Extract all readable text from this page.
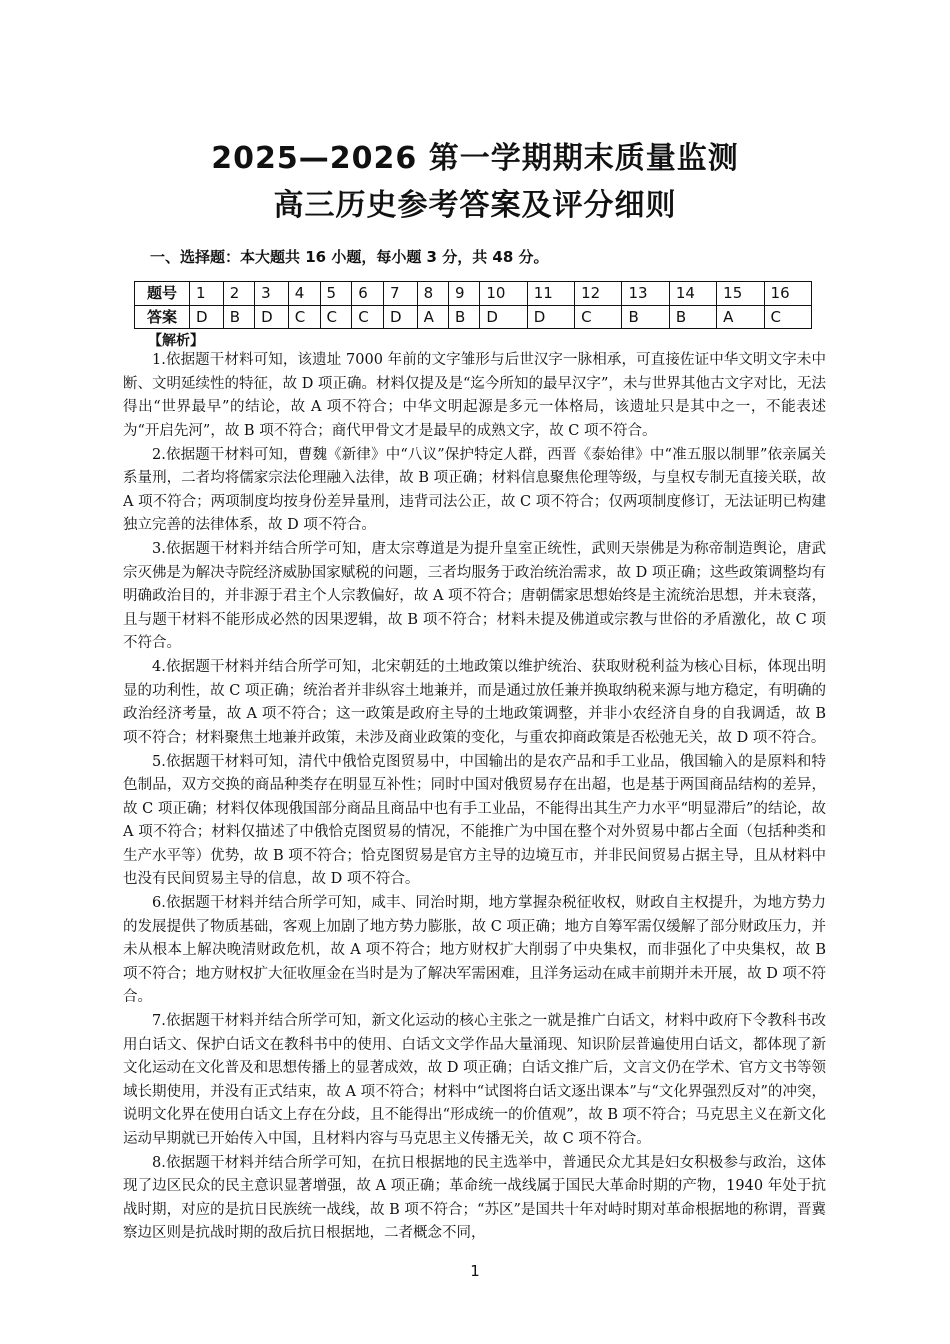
2025—2026 第一学期期末质量监测
高三历史参考答案及评分细则
一、选择题：本大题共 16 小题，每小题 3 分，共 48 分。
题号	1	2	3	4	5	6	7	8	9	10	11	12	13	14	15	16
答案	D	B	D	C	C	C	D	A	B	D	D	C	B	B	A	C
【解析】

1.依据题干材料可知，该遗址 7000 年前的文字雏形与后世汉字一脉相承，可直接佐证中华文明文字未中断、文明延续性的特征，故 D 项正确。材料仅提及是“迄今所知的最早汉字”，未与世界其他古文字对比，无法得出“世界最早”的结论，故 A 项不符合；中华文明起源是多元一体格局，该遗址只是其中之一，不能表述为“开启先河”，故 B 项不符合；商代甲骨文才是最早的成熟文字，故 C 项不符合。

2.依据题干材料可知，曹魏《新律》中“八议”保护特定人群，西晋《泰始律》中“准五服以制罪”依亲属关系量刑，二者均将儒家宗法伦理融入法律，故 B 项正确；材料信息聚焦伦理等级，与皇权专制无直接关联，故 A 项不符合；两项制度均按身份差异量刑，违背司法公正，故 C 项不符合；仅两项制度修订，无法证明已构建独立完善的法律体系，故 D 项不符合。

3.依据题干材料并结合所学可知，唐太宗尊道是为提升皇室正统性，武则天崇佛是为称帝制造舆论，唐武宗灭佛是为解决寺院经济威胁国家赋税的问题，三者均服务于政治统治需求，故 D 项正确；这些政策调整均有明确政治目的，并非源于君主个人宗教偏好，故 A 项不符合；唐朝儒家思想始终是主流统治思想，并未衰落，且与题干材料不能形成必然的因果逻辑，故 B 项不符合；材料未提及佛道或宗教与世俗的矛盾激化，故 C 项不符合。

4.依据题干材料并结合所学可知，北宋朝廷的土地政策以维护统治、获取财税利益为核心目标，体现出明显的功利性，故 C 项正确；统治者并非纵容土地兼并，而是通过放任兼并换取纳税来源与地方稳定，有明确的政治经济考量，故 A 项不符合；这一政策是政府主导的土地政策调整，并非小农经济自身的自我调适，故 B 项不符合；材料聚焦土地兼并政策，未涉及商业政策的变化，与重农抑商政策是否松弛无关，故 D 项不符合。

5.依据题干材料可知，清代中俄恰克图贸易中，中国输出的是农产品和手工业品，俄国输入的是原料和特色制品，双方交换的商品种类存在明显互补性；同时中国对俄贸易存在出超，也是基于两国商品结构的差异，故 C 项正确；材料仅体现俄国部分商品且商品中也有手工业品，不能得出其生产力水平“明显滞后”的结论，故 A 项不符合；材料仅描述了中俄恰克图贸易的情况，不能推广为中国在整个对外贸易中都占全面（包括种类和生产水平等）优势，故 B 项不符合；恰克图贸易是官方主导的边境互市，并非民间贸易占据主导，且从材料中也没有民间贸易主导的信息，故 D 项不符合。

6.依据题干材料并结合所学可知，咸丰、同治时期，地方掌握杂税征收权，财政自主权提升，为地方势力的发展提供了物质基础，客观上加剧了地方势力膨胀，故 C 项正确；地方自筹军需仅缓解了部分财政压力，并未从根本上解决晚清财政危机，故 A 项不符合；地方财权扩大削弱了中央集权，而非强化了中央集权，故 B 项不符合；地方财权扩大征收厘金在当时是为了解决军需困难，且洋务运动在咸丰前期并未开展，故 D 项不符合。

7.依据题干材料并结合所学可知，新文化运动的核心主张之一就是推广白话文，材料中政府下令教科书改用白话文、保护白话文在教科书中的使用、白话文文学作品大量涌现、知识阶层普遍使用白话文，都体现了新文化运动在文化普及和思想传播上的显著成效，故 D 项正确；白话文推广后，文言文仍在学术、官方文书等领域长期使用，并没有正式结束，故 A 项不符合；材料中“试图将白话文逐出课本”与“文化界强烈反对”的冲突，说明文化界在使用白话文上存在分歧，且不能得出“形成统一的价值观”，故 B 项不符合；马克思主义在新文化运动早期就已开始传入中国，且材料内容与马克思主义传播无关，故 C 项不符合。

8.依据题干材料并结合所学可知，在抗日根据地的民主选举中，普通民众尤其是妇女积极参与政治，这体现了边区民众的民主意识显著增强，故 A 项正确；革命统一战线属于国民大革命时期的产物，1940 年处于抗战时期，对应的是抗日民族统一战线，故 B 项不符合；“苏区”是国共十年对峙时期对革命根据地的称谓，晋冀察边区则是抗战时期的敌后抗日根据地，二者概念不同，

1
